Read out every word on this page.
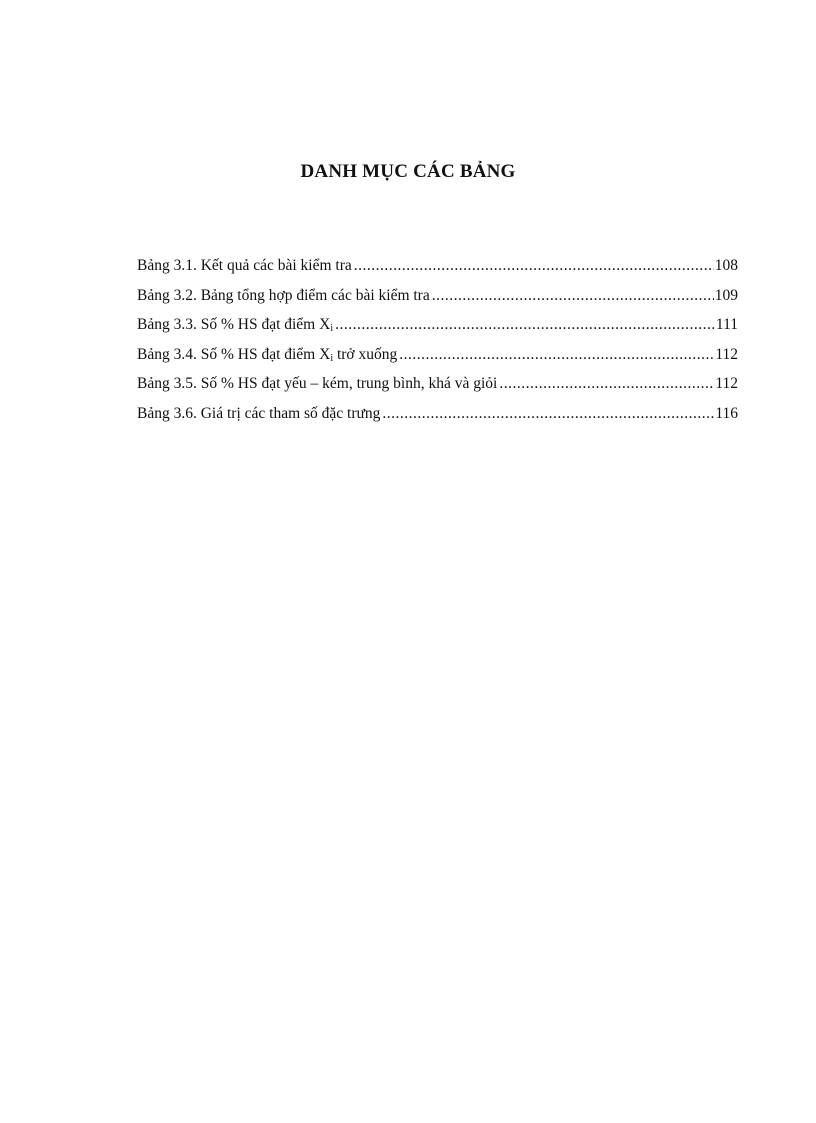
DANH MỤC CÁC BẢNG
Bảng 3.1. Kết quả các bài kiểm tra .....	108
Bảng 3.2. Bảng tổng hợp điểm các bài kiểm tra .....	109
Bảng 3.3. Số % HS đạt điểm $X_i$ .....	111
Bảng 3.4. Số % HS đạt điểm $X_i$ trở xuống .....	112
Bảng 3.5. Số % HS đạt yếu – kém, trung bình, khá và giỏi .....	112
Bảng 3.6. Giá trị các tham số đặc trưng .....	116
